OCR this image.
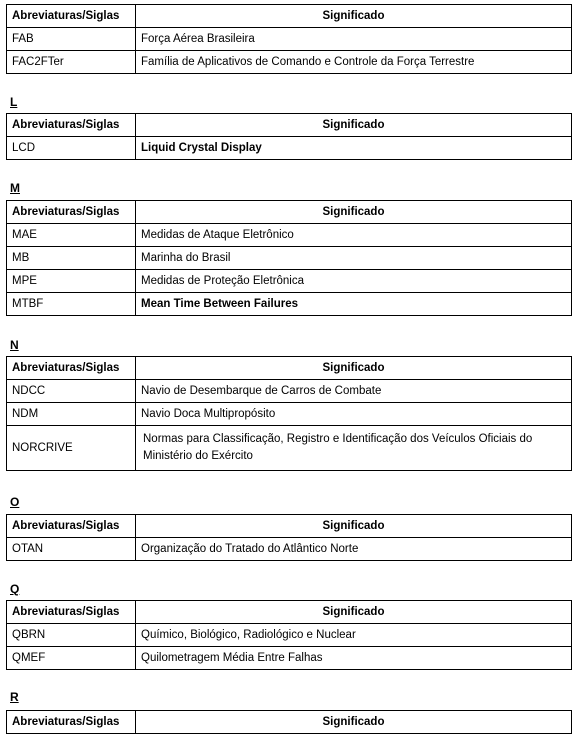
Abreviaturas/Siglas	Significado
FAB	Força Aérea Brasileira
FAC2FTer	Família de Aplicativos de Comando e Controle da Força Terrestre
L
Abreviaturas/Siglas	Significado
LCD	Liquid Crystal Display
M
Abreviaturas/Siglas	Significado
MAE	Medidas de Ataque Eletrônico
MB	Marinha do Brasil
MPE	Medidas de Proteção Eletrônica
MTBF	Mean Time Between Failures
N
Abreviaturas/Siglas	Significado
NDCC	Navio de Desembarque de Carros de Combate
NDM	Navio Doca Multipropósito
NORCRIVE	Normas para Classificação, Registro e Identificação dos Veículos Oficiais do Ministério do Exército
O
Abreviaturas/Siglas	Significado
OTAN	Organização do Tratado do Atlântico Norte
Q
Abreviaturas/Siglas	Significado
QBRN	Químico, Biológico, Radiológico e Nuclear
QMEF	Quilometragem Média Entre Falhas
R
Abreviaturas/Siglas	Significado
